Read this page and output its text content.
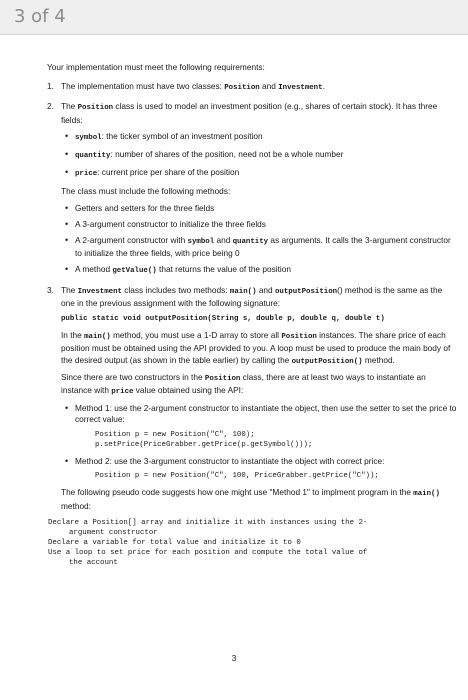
3 of 4

Your implementation must meet the following requirements:

1. The implementation must have two classes: Position and Investment.
2. The Position class is used to model an investment position (e.g., shares of certain stock). It has three fields:
• symbol: the ticker symbol of an investment position
• quantity: number of shares of the position, need not be a whole number
• price: current price per share of the position

The class must include the following methods:

• Getters and setters for the three fields
• A 3-argument constructor to initialize the three fields
• A 2-argument constructor with symbol and quantity as arguments. It calls the 3-argument constructor to initialize the three fields, with price being 0
• A method getValue() that returns the value of the position
3. The Investment class includes two methods: main() and outputPosition() method is the same as the one in the previous assignment with the following signature:

public static void outputPosition(String s, double p, double q, double t)

In the main() method, you must use a 1-D array to store all Position instances. The share price of each position must be obtained using the API provided to you. A loop must be used to produce the main body of the desired output (as shown in the table earlier) by calling the outputPosition() method.

Since there are two constructors in the Position class, there are at least two ways to instantiate an instance with price value obtained using the API:

• Method 1: use the 2-argument constructor to instantiate the object, then use the setter to set the price to correct value:
Position p = new Position("C", 100);
p.setPrice(PriceGrabber.getPrice(p.getSymbol()));
• Method 2: use the 3-argument constructor to instantiate the object with correct price:
Position p = new Position("C", 100, PriceGrabber.getPrice("C"));

The following pseudo code suggests how one might use "Method 1" to implment program in the main() method:

Declare a Position[] array and initialize it with instances using the 2-
argument constructor
Declare a variable for total value and initialize it to 0
Use a loop to set price for each position and compute the total value of
the account
3
